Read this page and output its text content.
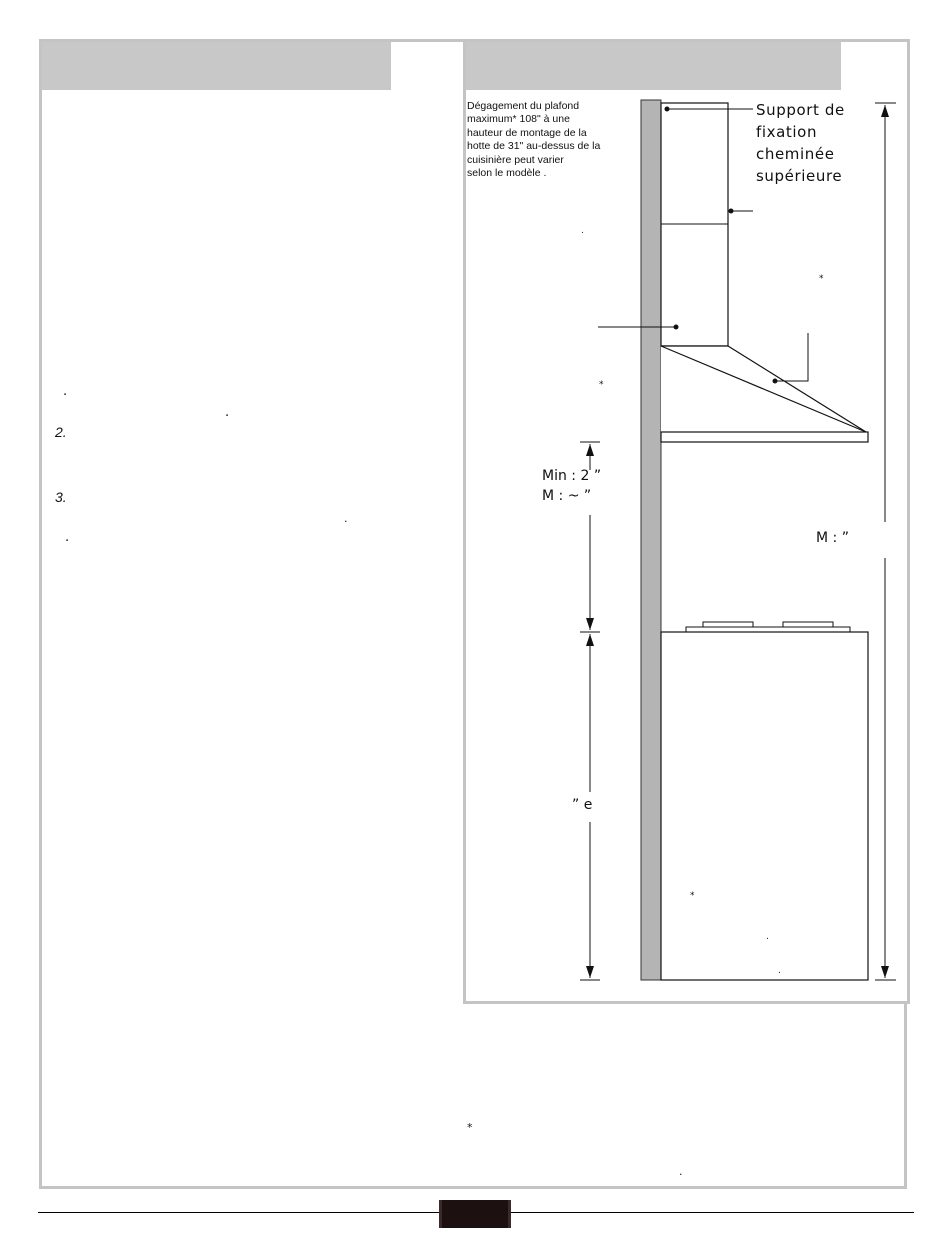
.
.
2.
3.
.
.
Dégagement du plafond
maximum* 108" à une
hauteur de montage de la
hotte de 31" au-dessus de la
cuisinière peut varier
selon le modèle .
Support de
fixation
cheminée
supérieure
Min : 2 ”
M : ~ ”
M : ”
” e
.
*
*
*
.
.
*
.
